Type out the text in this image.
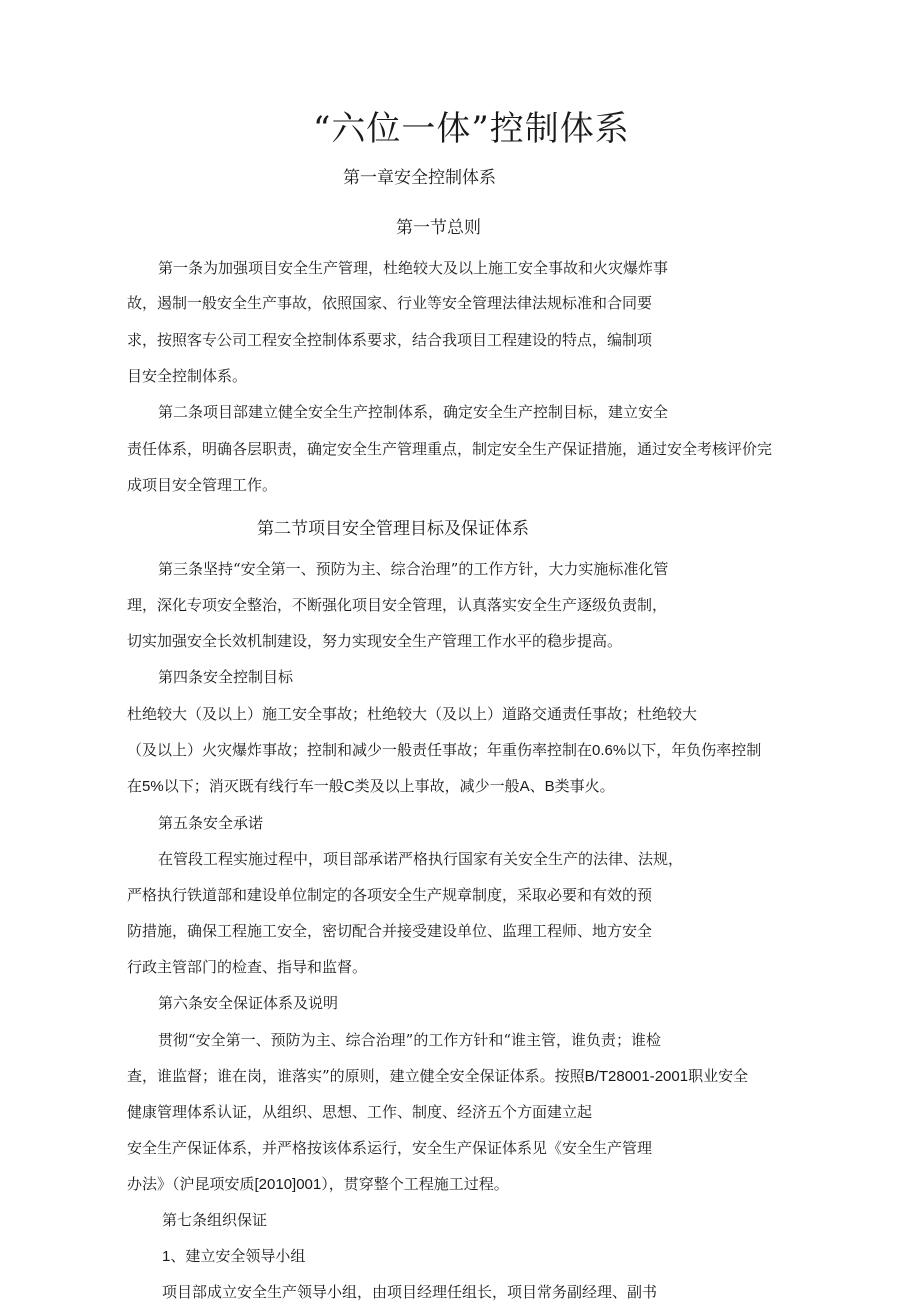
“六位一体”控制体系
第一章安全控制体系
第一节总则
第一条为加强项目安全生产管理，杜绝较大及以上施工安全事故和火灾爆炸事
故，遏制一般安全生产事故，依照国家、行业等安全管理法律法规标准和合同要
求，按照客专公司工程安全控制体系要求，结合我项目工程建设的特点，编制项
目安全控制体系。
第二条项目部建立健全安全生产控制体系，确定安全生产控制目标，建立安全
责任体系，明确各层职责，确定安全生产管理重点，制定安全生产保证措施，通过安全考核评价完
成项目安全管理工作。
第二节项目安全管理目标及保证体系
第三条坚持“安全第一、预防为主、综合治理”的工作方针，大力实施标准化管
理，深化专项安全整治，不断强化项目安全管理，认真落实安全生产逐级负责制，
切实加强安全长效机制建设，努力实现安全生产管理工作水平的稳步提高。
第四条安全控制目标
杜绝较大（及以上）施工安全事故；杜绝较大（及以上）道路交通责任事故；杜绝较大
（及以上）火灾爆炸事故；控制和减少一般责任事故；年重伤率控制在0.6%以下，年负伤率控制
在5%以下；消灭既有线行车一般C类及以上事故，减少一般A、B类事火。
第五条安全承诺
在管段工程实施过程中，项目部承诺严格执行国家有关安全生产的法律、法规，
严格执行铁道部和建设单位制定的各项安全生产规章制度，采取必要和有效的预
防措施，确保工程施工安全，密切配合并接受建设单位、监理工程师、地方安全
行政主管部门的检查、指导和监督。
第六条安全保证体系及说明
贯彻“安全第一、预防为主、综合治理”的工作方针和“谁主管，谁负责；谁检
查，谁监督；谁在岗，谁落实”的原则，建立健全安全保证体系。按照B/T28001-2001职业安全
健康管理体系认证，从组织、思想、工作、制度、经济五个方面建立起
安全生产保证体系，并严格按该体系运行，安全生产保证体系见《安全生产管理
办法》（沪昆项安质[2010]001），贯穿整个工程施工过程。
第七条组织保证
1、建立安全领导小组
项目部成立安全生产领导小组，由项目经理任组长，项目常务副经理、副书
